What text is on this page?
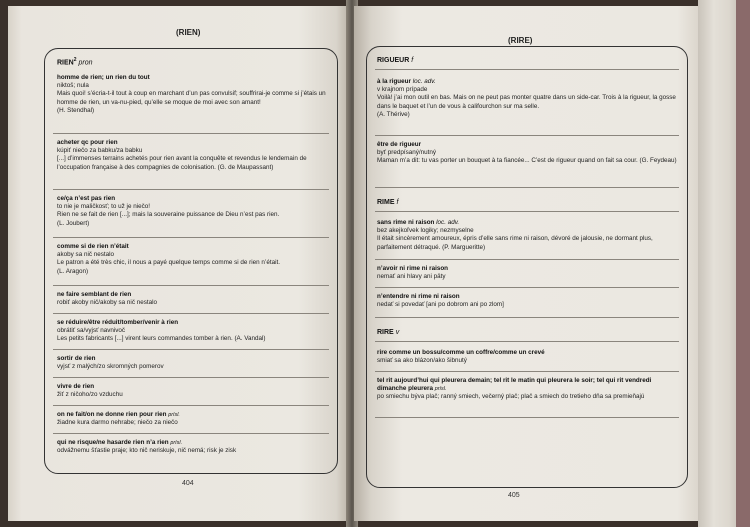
(RIEN)
RIEN$^2$ pron
homme de rien; un rien du tout
niktoš; nula
Mais quoi! s’écria-t-il tout à coup en marchant d’un pas convulsif; souffrirai-je comme si j’étais un homme de rien, un va-nu-pied, qu’elle se moque de moi avec son amant!
(H. Stendhal)
acheter qc pour rien
kúpiť niečo za babku/za babku
[...] d’immenses terrains achetés pour rien avant la conquête et revendus le lendemain de l’occupation française à des compagnies de colonisation. (G. de Maupassant)
ce/ça n’est pas rien
to nie je maličkosť; to už je niečo!
Rien ne se fait de rien [...]; mais la souveraine puissance de Dieu n’est pas rien.
(L. Joubert)
comme si de rien n’était
akoby sa nič nestalo
Le patron a été très chic, il nous a payé quelque temps comme si de rien n’était.
(L. Aragon)
ne faire semblant de rien
robiť akoby nič/akoby sa nič nestalo
se réduire/être réduit/tomber/venir à rien
obrátiť sa/vyjsť navnivoč
Les petits fabricants [...] virent leurs commandes tomber à rien. (A. Vandal)
sortir de rien
vyjsť z malých/zo skromných pomerov
vivre de rien
žiť z ničoho/zo vzduchu
on ne fait/on ne donne rien pour rien prísl.
žiadne kura darmo nehrabe; niečo za niečo
qui ne risque/ne hasarde rien n’a rien prísl.
odvážnemu šťastie praje; kto nič neriskuje, nič nemá; risk je zisk
404
(RIRE)
RIGUEUR f
à la rigueur loc. adv.
v krajnom prípade
Voilà! j’ai mon outil en bas. Mais on ne peut pas monter quatre dans un side-car. Trois à la rigueur, la gosse dans le baquet et l’un de vous à califourchon sur ma selle.
(A. Thérive)
être de rigueur
byť predpísaný/nutný
Maman m’a dit: tu vas porter un bouquet à ta fiancée... C’est de rigueur quand on fait sa cour. (G. Feydeau)
RIME f
sans rime ni raison loc. adv.
bez akejkoľvek logiky; nezmyselne
Il était sincèrement amoureux, épris d’elle sans rime ni raison, dévoré de jalousie, ne dormant plus, parfaitement détraqué. (P. Margueritte)
n’avoir ni rime ni raison
nemať ani hlavy ani päty
n’entendre ni rime ni raison
nedať si povedať [ani po dobrom ani po zlom]
RIRE v
rire comme un bossu/comme un coffre/comme un crevé
smiať sa ako blázon/ako šibnutý
tel rit aujourd’hui qui pleurera demain; tel rit le matin qui pleurera le soir; tel qui rit vendredi dimanche pleurera prísl.
po smiechu býva plač; ranný smiech, večerný plač; plač a smiech do tretieho dňa sa premieňajú
405
